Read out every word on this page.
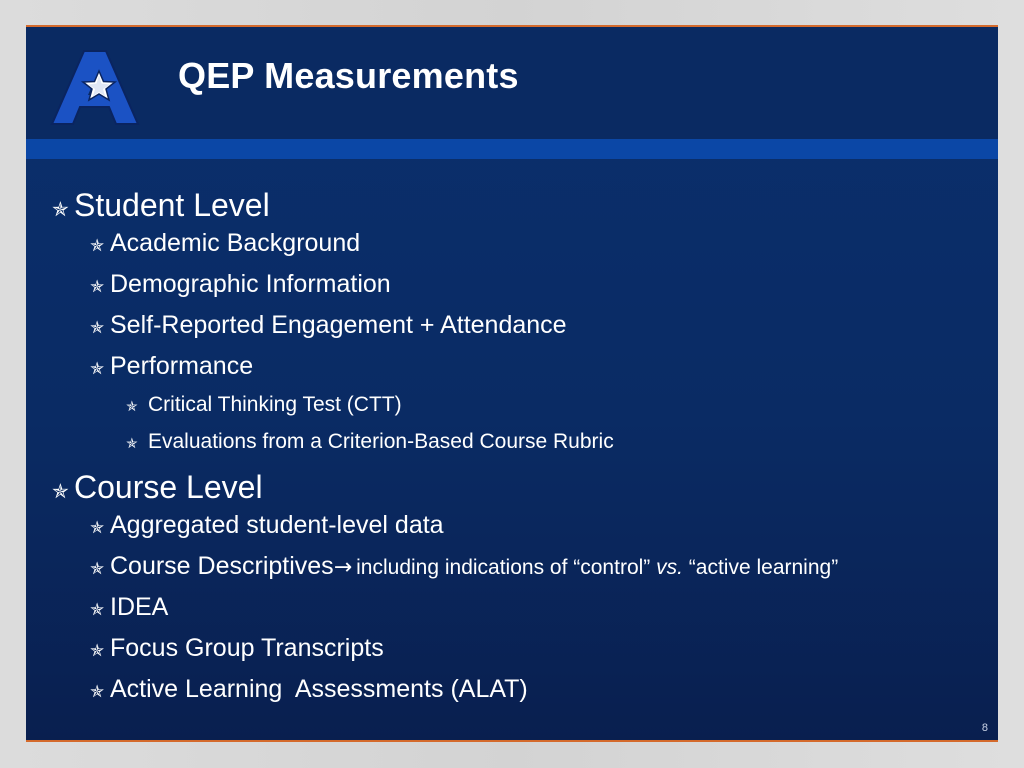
QEP Measurements
✯ Student Level
✯ Academic Background
✯ Demographic Information
✯ Self-Reported Engagement + Attendance
✯ Performance
✯ Critical Thinking Test (CTT)
✯ Evaluations from a Criterion-Based Course Rubric
✯ Course Level
✯ Aggregated student-level data
✯ Course Descriptives → including indications of “control” vs. “active learning”
✯ IDEA
✯ Focus Group Transcripts
✯ Active Learning  Assessments (ALAT)
8
